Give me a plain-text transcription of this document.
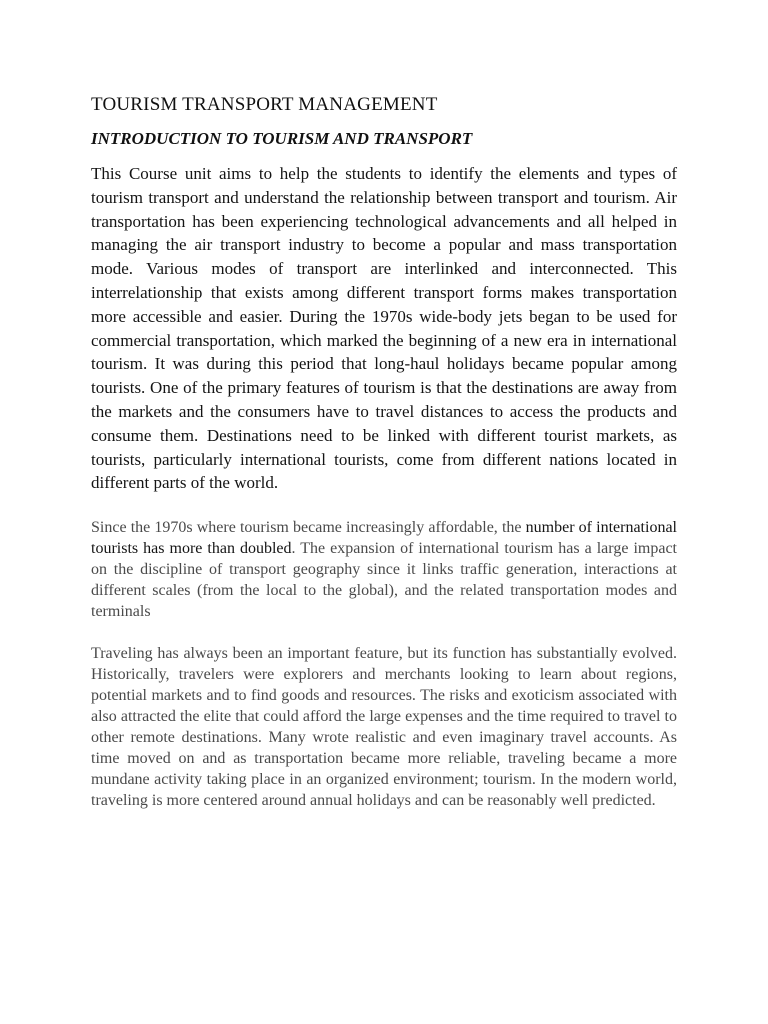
TOURISM TRANSPORT MANAGEMENT
INTRODUCTION TO TOURISM AND TRANSPORT

This Course unit aims to help the students to identify the elements and types of tourism transport and understand the relationship between transport and tourism. Air transportation has been experiencing technological advancements and all helped in managing the air transport industry to become a popular and mass transportation mode. Various modes of transport are interlinked and interconnected. This interrelationship that exists among different transport forms makes transportation more accessible and easier. During the 1970s wide-body jets began to be used for commercial transportation, which marked the beginning of a new era in international tourism. It was during this period that long-haul holidays became popular among tourists. One of the primary features of tourism is that the destinations are away from the markets and the consumers have to travel distances to access the products and consume them. Destinations need to be linked with different tourist markets, as tourists, particularly international tourists, come from different nations located in different parts of the world.

Since the 1970s where tourism became increasingly affordable, the number of international tourists has more than doubled. The expansion of international tourism has a large impact on the discipline of transport geography since it links traffic generation, interactions at different scales (from the local to the global), and the related transportation modes and terminals

Traveling has always been an important feature, but its function has substantially evolved. Historically, travelers were explorers and merchants looking to learn about regions, potential markets and to find goods and resources. The risks and exoticism associated with also attracted the elite that could afford the large expenses and the time required to travel to other remote destinations. Many wrote realistic and even imaginary travel accounts. As time moved on and as transportation became more reliable, traveling became a more mundane activity taking place in an organized environment; tourism. In the modern world, traveling is more centered around annual holidays and can be reasonably well predicted.
